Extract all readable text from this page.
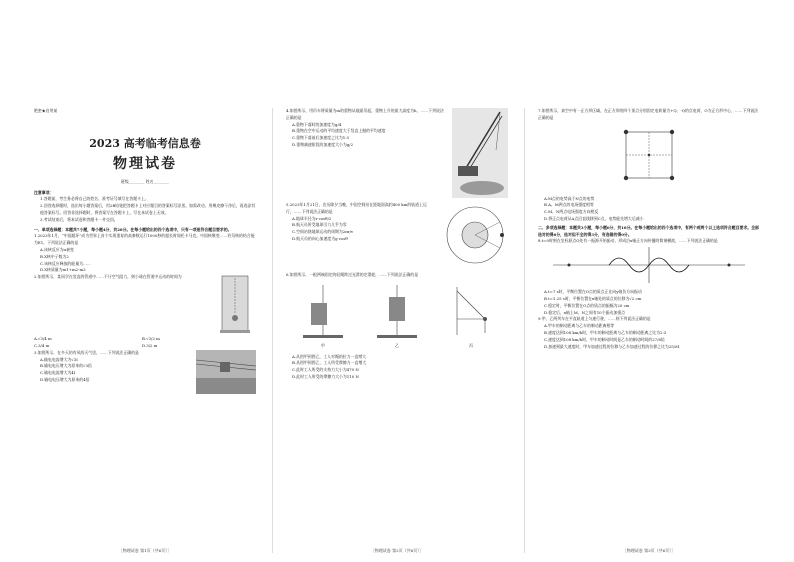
绝密★启用前

2023 高考临考信息卷

物理试卷

班级________ 姓名________

注意事项：

1.答题前，考生务必将自己的姓名、准考证号填写在答题卡上。

2.回答选择题时，选出每小题答案后，用2B铅笔把答题卡上对应题目的答案标号涂黑。如需改动，用橡皮擦干净后，再选涂其他答案标号。回答非选择题时，将答案写在答题卡上，写在本试卷上无效。

3.考试结束后，将本试卷和答题卡一并交回。

一、单项选择题：本题共7小题，每小题4分，共28分。在每小题给出的四个选项中，只有一项是符合题目要求的。

1.2023年1月，“中国超环”成为世界上首个实现重复的高参数运行1000秒的超长时间托卡马克。中国核聚变……若氘核的结合能为E1，下列说法正确的是

A.该核反应为α衰变

B.X核中子数为2

C.该核反应释放的能量为……

D.X核质量为m1+m2-m3

2.如图所示，某同学在竖直的管道中……不计空气阻力，则小球在管道中运动的时间为

A.√3/4 m	B.√3/2 m

C.3/4 m	D.3/2 m

3.如图所示，在多天的有风的天气里，……下列说法正确的是

A.输电电流增大为√3I

B.输电电压增大为原来的√3倍

C.输电电流增大为4I

D.输电电压增大为原来的4倍

［物理试卷 第1页（共6页）］

4.如图所示，用吊车将质量为m的重物从地面吊起，重物上升的最大高度为h，……下列说法正确的是

A.重物下落时的加速度为g/4

B.重物在空中运动的平均速度大于竖直上抛的平均速度

C.重物下落前后加速度之比为1:3

D.重物减速阶段的加速度大小为g/2

5.2023年1月21日，农历除夕当晚，中国空间站在距地面高约400 km的轨道上运行，……下列说法正确的是

A.地球半径为r·cosθ/2

B.航天员所受地球引力几乎为零

C.空间站绕地球运动的周期为2πr/v

D.航天员的向心加速度为g·cosθ

6.如图所示，一根两端固定的轻绳跨过光滑的定滑轮，……下列说法正确的是

甲	乙	丙

A.从图甲到图乙，工人对绳的拉力一直增大

B.从图甲到图乙，工人所受摩擦力一直增大

C.此时工人所受的支持力大小为470 N

D.此时工人所受的摩擦力大小为110 N

［物理试卷 第2页（共6页）］

7.如图所示，真空中有一正方形区域，在正方形的四个顶点分别固定电荷量为+Q、-Q的点电荷，O为正方形中心，……下列说法正确的是

A.M点的电势高于N点的电势

B.A、M两点的电场强度相等

C.M、N两点电场强度方向相反

D.将正点电荷从A点沿直线移到C点，电势能先增大后减小

二、多项选择题：本题共3小题，每小题6分，共18分。在每小题给出的四个选项中，有两个或两个以上选项符合题目要求。全部选对的得6分，选对但不全的得3分，有选错的得0分。

8.t=0时刻在坐标原点O处有一振源开始振动，形成沿x轴正方向传播的简谐横波，……下列说法正确的是

A.t=7 s时，平衡位置在O点的质点正在向y轴负方向振动

B.t=1.25 s时，平衡位置在x轴处的质点的位移为√2 cm

C.稳定时，平衡位置在O点的质点的振幅为20 cm

D.稳定后，x轴上M、N之间有10个振动加强点

9.甲、乙两列车在平直轨道上匀速行驶，……则下列说法正确的是

A.甲车的制动距离与乙车的制动距离相等

B.速度达到108 km/h时，甲车的制动距离与乙车的制动距离之比为2:3

C.速度达到108 km/h时，甲车的制动时间是乙车的制动时间的27/8倍

D.加速到最大速度时，甲车加速过程的位移与乙车加速过程的位移之比为25/81

［物理试卷 第3页（共6页）］
